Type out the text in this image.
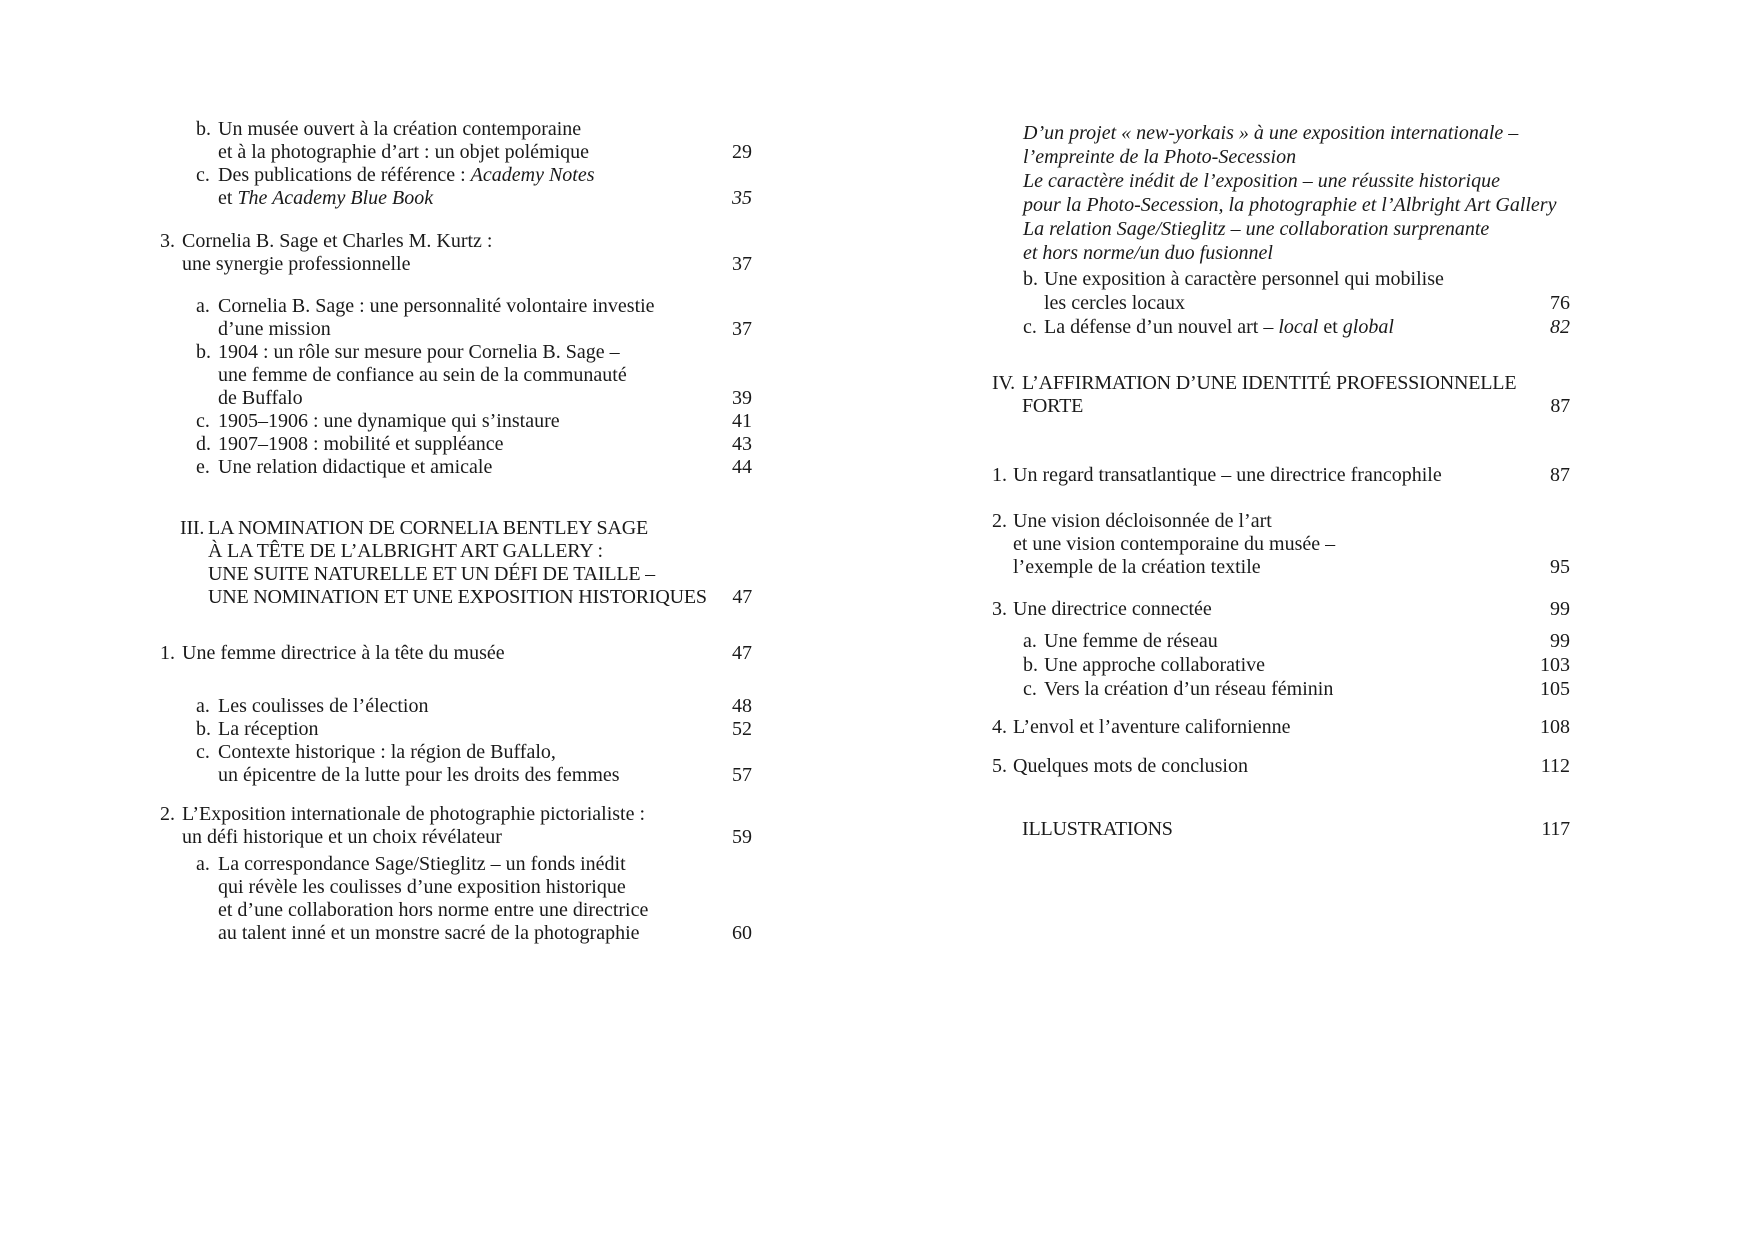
b. Un musée ouvert à la création contemporaine
et à la photographie d’art : un objet polémique	29
c. Des publications de référence : Academy Notes
et The Academy Blue Book	35
3. Cornelia B. Sage et Charles M. Kurtz :
une synergie professionnelle	37
a. Cornelia B. Sage : une personnalité volontaire investie
d’une mission	37
b. 1904 : un rôle sur mesure pour Cornelia B. Sage –
une femme de confiance au sein de la communauté
de Buffalo	39
c. 1905–1906 : une dynamique qui s’instaure	41
d. 1907–1908 : mobilité et suppléance	43
e. Une relation didactique et amicale	44
III. LA NOMINATION DE CORNELIA BENTLEY SAGE
À LA TÊTE DE L’ALBRIGHT ART GALLERY :
UNE SUITE NATURELLE ET UN DÉFI DE TAILLE –
UNE NOMINATION ET UNE EXPOSITION HISTORIQUES 47
1. Une femme directrice à la tête du musée	47
a. Les coulisses de l’élection	48
b. La réception	52
c. Contexte historique : la région de Buffalo,
un épicentre de la lutte pour les droits des femmes	57
2. L’Exposition internationale de photographie pictorialiste :
un défi historique et un choix révélateur	59
a. La correspondance Sage/Stieglitz – un fonds inédit
qui révèle les coulisses d’une exposition historique
et d’une collaboration hors norme entre une directrice
au talent inné et un monstre sacré de la photographie	60
D’un projet « new-yorkais » à une exposition internationale –
l’empreinte de la Photo-Secession
Le caractère inédit de l’exposition – une réussite historique
pour la Photo-Secession, la photographie et l’Albright Art Gallery
La relation Sage/Stieglitz – une collaboration surprenante
et hors norme/un duo fusionnel
b. Une exposition à caractère personnel qui mobilise
les cercles locaux	76
c. La défense d’un nouvel art – local et global	82
IV. L’AFFIRMATION D’UNE IDENTITÉ PROFESSIONNELLE
FORTE	87
1. Un regard transatlantique – une directrice francophile	87
2. Une vision décloisonnée de l’art
et une vision contemporaine du musée –
l’exemple de la création textile	95
3. Une directrice connectée	99
a. Une femme de réseau	99
b. Une approche collaborative	103
c. Vers la création d’un réseau féminin	105
4. L’envol et l’aventure californienne	108
5. Quelques mots de conclusion	112
ILLUSTRATIONS	117
